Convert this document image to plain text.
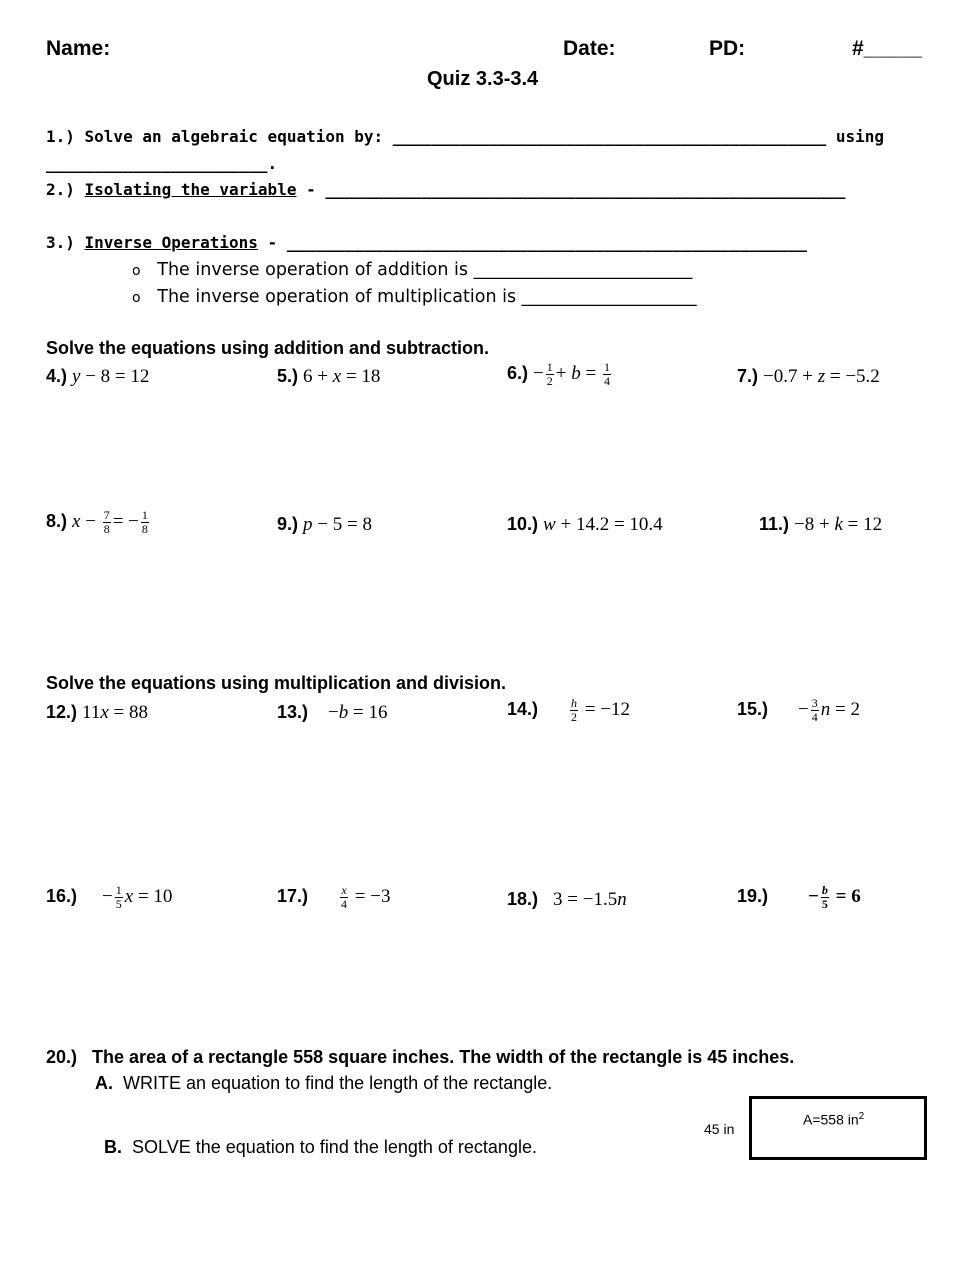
Name:	Date:	PD:	#_____
Quiz 3.3-3.4
1.) Solve an algebraic equation by: _____________________________________________ using
_______________________.
2.) Isolating the variable - ______________________________________________________
3.) Inverse Operations - ______________________________________________________
o The inverse operation of addition is _________________________
o The inverse operation of multiplication is ____________________
Solve the equations using addition and subtraction.
4.) y − 8 = 12	5.) 6 + x = 18	$6.) - \frac{1}{2} + b = \frac{1}{4}$	7.) −0.7 + z = −5.2
8.) $x - \frac{7}{8}$ = − $\frac{1}{8}$	9.) p − 5 = 8	10.) w + 14.2 = 10.4	11.) −8 + k = 12
Solve the equations using multiplication and division.
12.) 11x = 88	13.) −b = 16	14.)	$\frac{h}{2} = -12$	$15.) - \frac{3}{4}$ n = 2
$16.) - \frac{1}{5}$ x = 10	17.)	$\frac{x}{4} = -3$	18.) 3 = −1.5n	$19.) - \frac{b}{5} = 6$
20.) The area of a rectangle 558 square inches. The width of the rectangle is 45 inches.
A. WRITE an equation to find the length of the rectangle.
B. SOLVE the equation to find the length of rectangle.
45 in
A=558 $in^2$
